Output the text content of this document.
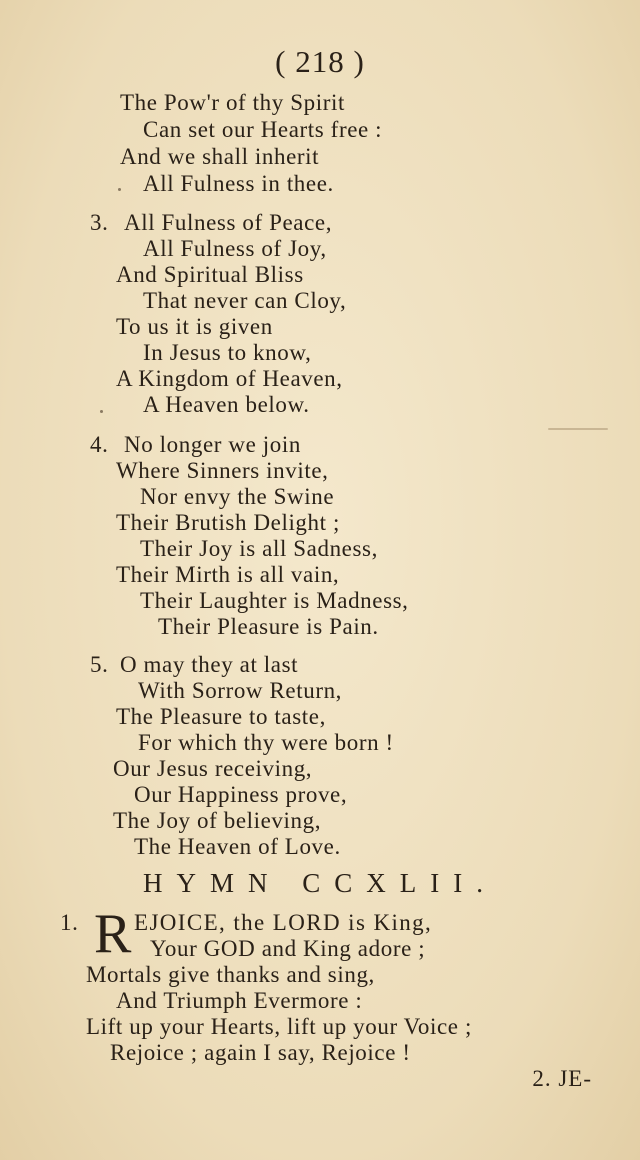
( 218 )
The Pow'r of thy Spirit
Can set our Hearts free :
And we shall inherit
All Fulness in thee.
3. All Fulness of Peace,
All Fulness of Joy,
And Spiritual Bliss
That never can Cloy,
To us it is given
In Jesus to know,
A Kingdom of Heaven,
A Heaven below.
4. No longer we join
Where Sinners invite,
Nor envy the Swine
Their Brutish Delight ;
Their Joy is all Sadness,
Their Mirth is all vain,
Their Laughter is Madness,
Their Pleasure is Pain.
5. O may they at last
With Sorrow Return,
The Pleasure to taste,
For which thy were born !
Our Jesus receiving,
Our Happiness prove,
The Joy of believing,
The Heaven of Love.
HYMN CCXLII.
1. R EJOICE, the LORD is King,
Your GOD and King adore ;
Mortals give thanks and sing,
And Triumph Evermore :
Lift up your Hearts, lift up your Voice ;
Rejoice ; again I say, Rejoice !
2. JE-
